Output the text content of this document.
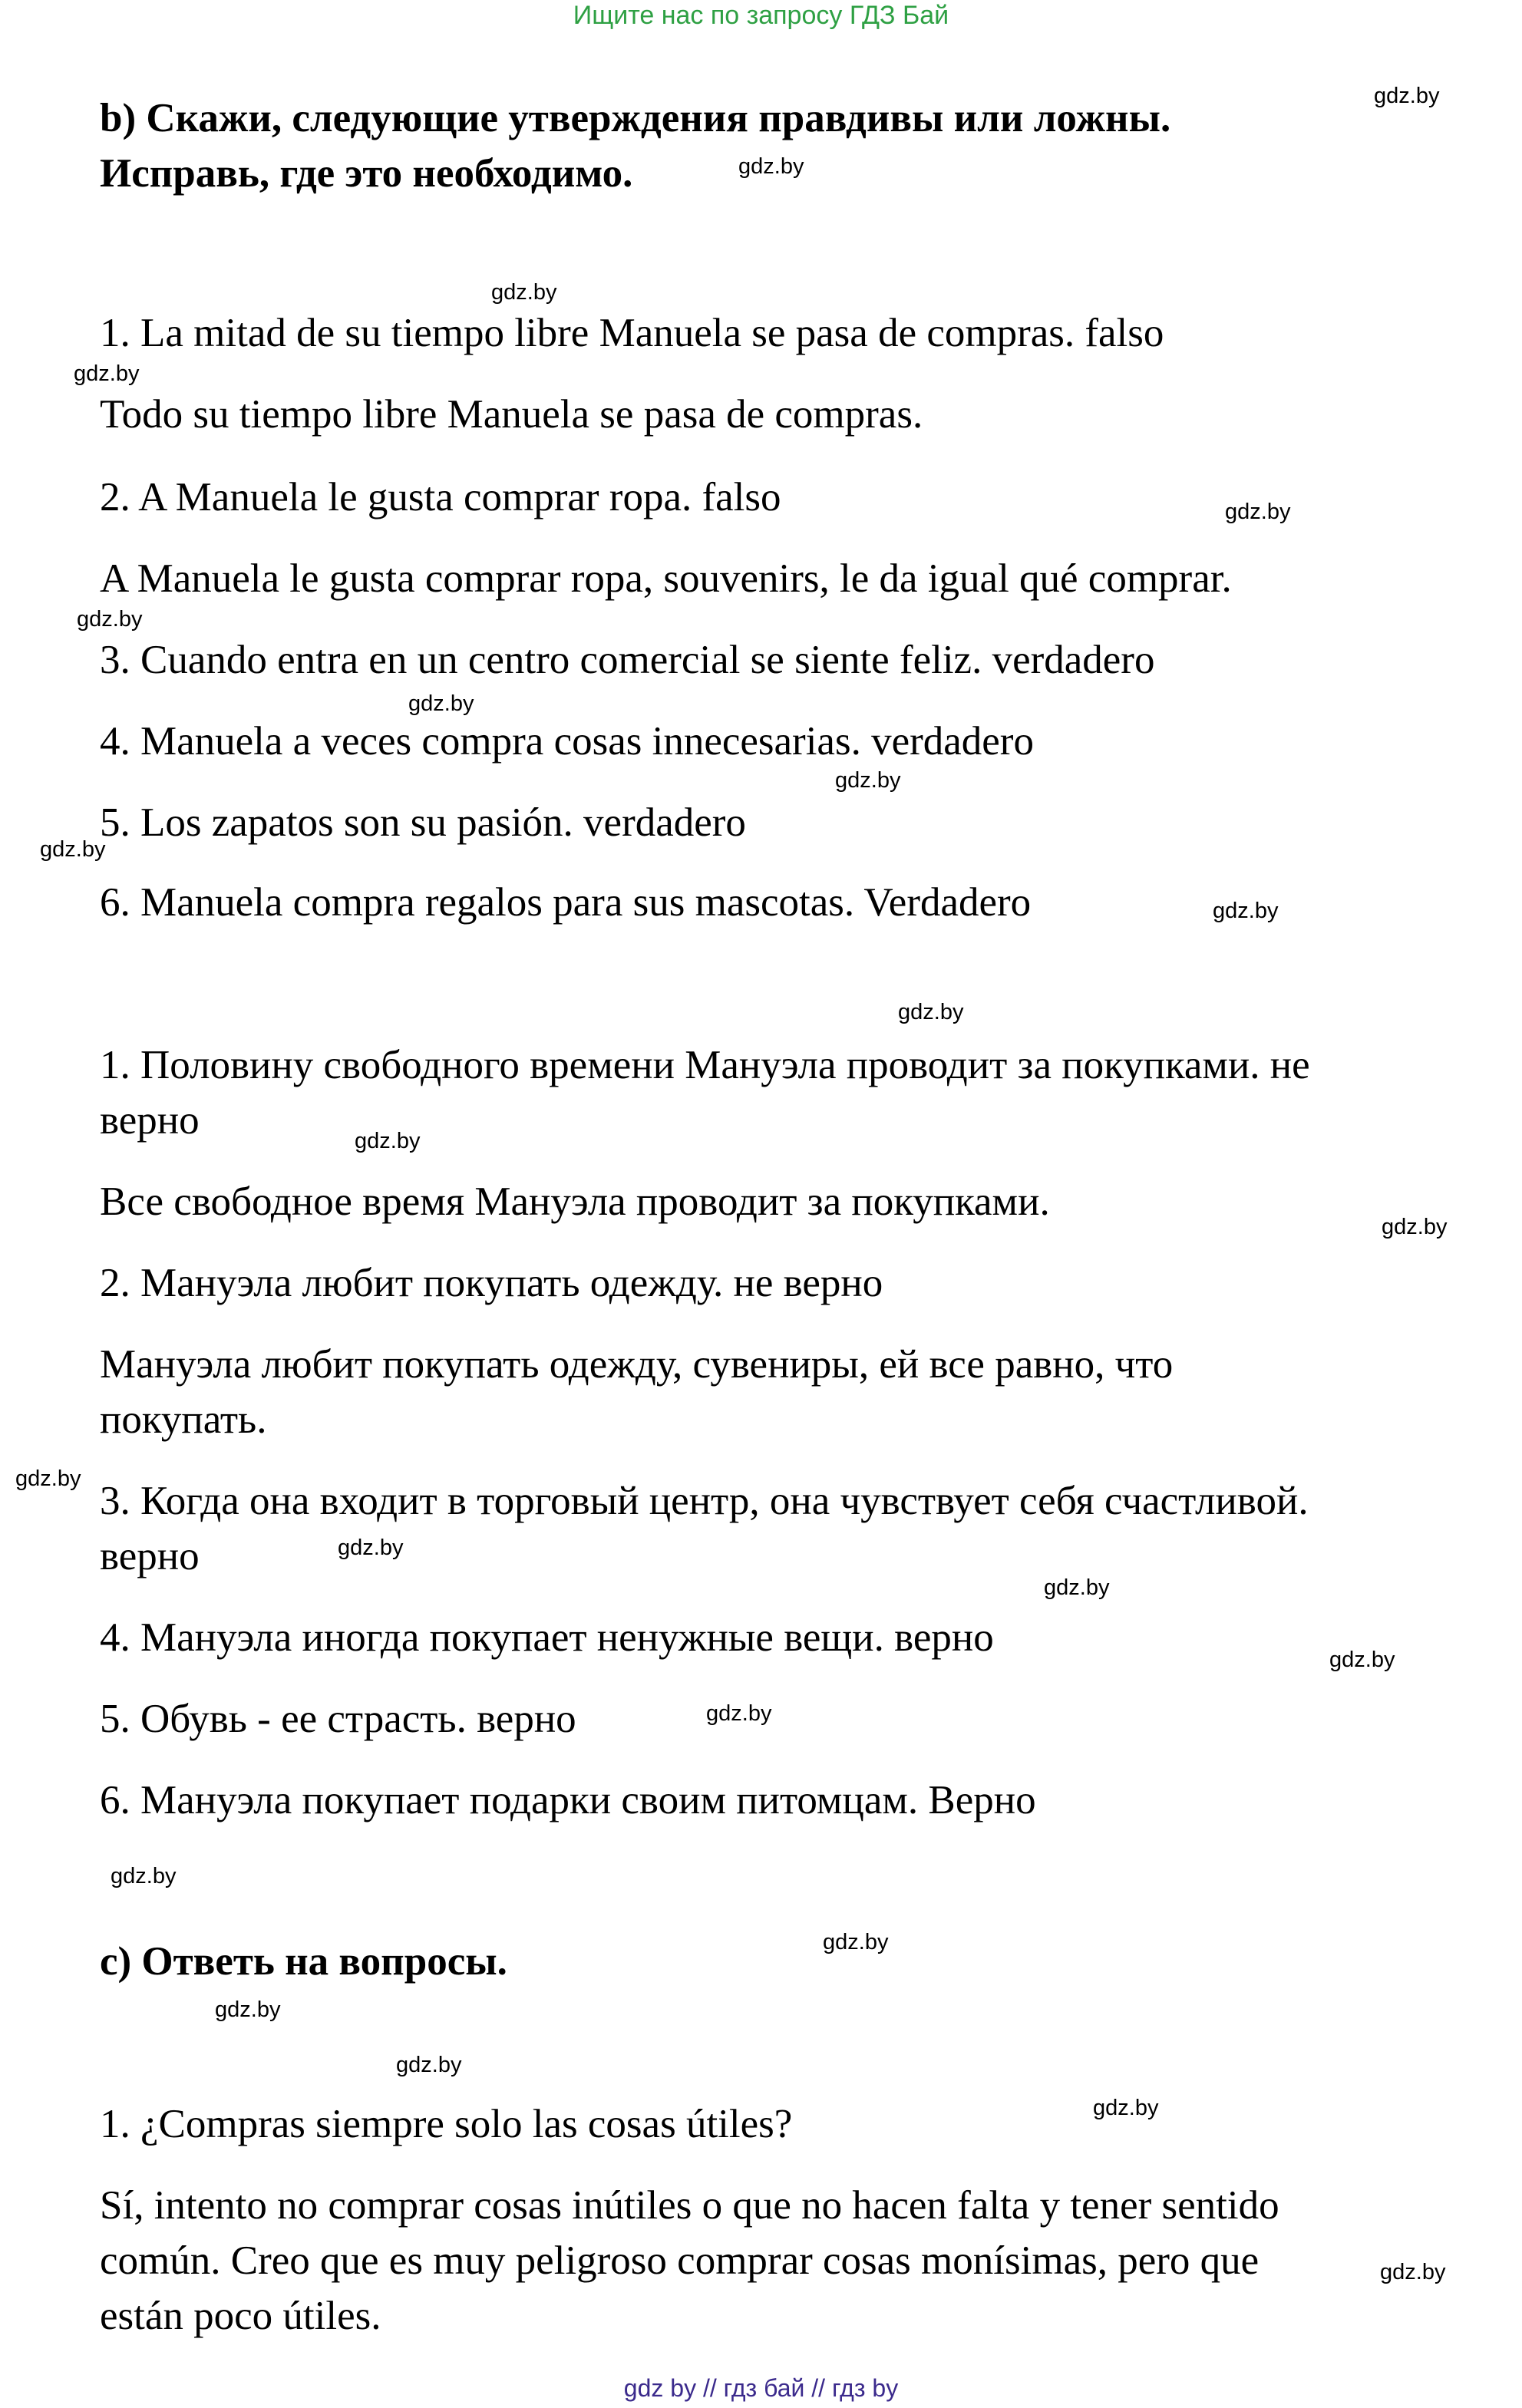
Ищите нас по запросу ГДЗ Бай

b) Скажи, следующие утверждения правдивы или ложны.

Исправь, где это необходимо.

1. La mitad de su tiempo libre Manuela se pasa de compras. falso

Todo su tiempo libre Manuela se pasa de compras.

2. A Manuela le gusta comprar ropa. falso

A Manuela le gusta comprar ropa, souvenirs, le da igual qué comprar.

3. Cuando entra en un centro comercial se siente feliz. verdadero

4. Manuela a veces compra cosas innecesarias. verdadero

5. Los zapatos son su pasión. verdadero

6. Manuela compra regalos para sus mascotas. Verdadero

1. Половину свободного времени Мануэла проводит за покупками. не

верно

Все свободное время Мануэла проводит за покупками.

2. Мануэла любит покупать одежду. не верно

Мануэла любит покупать одежду, сувениры, ей все равно, что

покупать.

3. Когда она входит в торговый центр, она чувствует себя счастливой.

верно

4. Мануэла иногда покупает ненужные вещи. верно

5. Обувь - ее страсть. верно

6. Мануэла покупает подарки своим питомцам. Верно

c) Ответь на вопросы.

1. ¿Compras siempre solo las cosas útiles?

Sí, intento no comprar cosas inútiles o que no hacen falta y tener sentido

común. Creo que es muy peligroso comprar cosas monísimas, pero que

están poco útiles.

gdz.by
gdz.by
gdz.by
gdz.by
gdz.by
gdz.by
gdz.by
gdz.by
gdz.by
gdz.by
gdz.by
gdz.by
gdz.by
gdz.by
gdz.by
gdz.by
gdz.by
gdz.by
gdz.by
gdz.by
gdz.by
gdz.by
gdz.by
gdz.by
gdz by // гдз бай // гдз by
